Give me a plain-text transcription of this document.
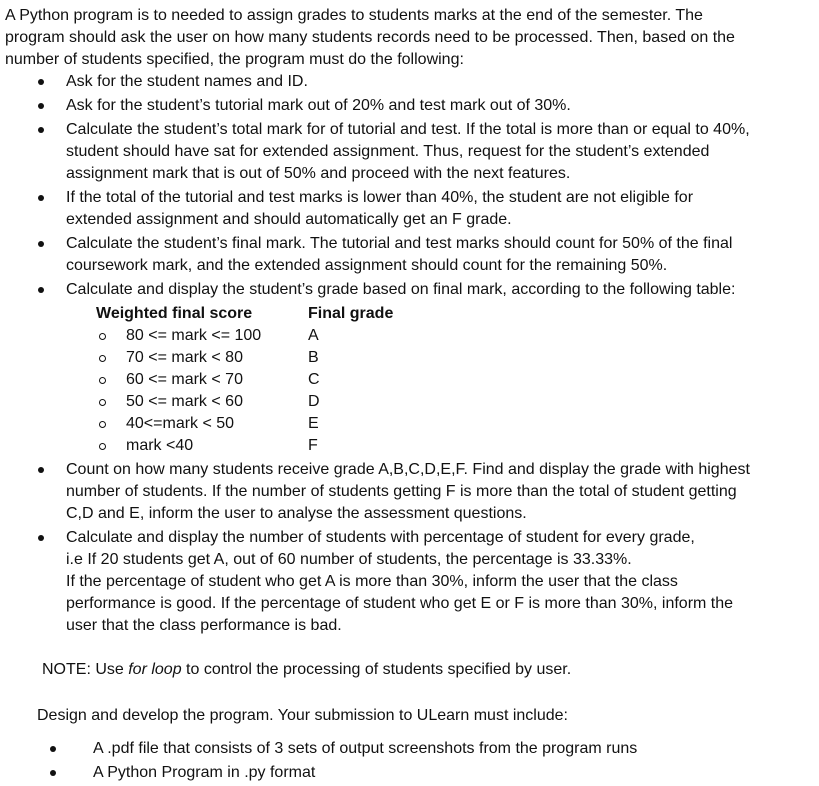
A Python program is to needed to assign grades to students marks at the end of the semester. The
program should ask the user on how many students records need to be processed. Then, based on the
number of students specified, the program must do the following:
Ask for the student names and ID.
Ask for the student’s tutorial mark out of 20% and test mark out of 30%.
Calculate the student’s total mark for of tutorial and test. If the total is more than or equal to 40%,
student should have sat for extended assignment. Thus, request for the student’s extended
assignment mark that is out of 50% and proceed with the next features.
If the total of the tutorial and test marks is lower than 40%, the student are not eligible for
extended assignment and should automatically get an F grade.
Calculate the student’s final mark. The tutorial and test marks should count for 50% of the final
coursework mark, and the extended assignment should count for the remaining 50%.
Calculate and display the student’s grade based on final mark, according to the following table:
Weighted final score	Final grade
80 <= mark <= 100	A
70 <= mark < 80	B
60 <= mark < 70	C
50 <= mark < 60	D
40<=mark < 50	E
mark <40	F
Count on how many students receive grade A,B,C,D,E,F. Find and display the grade with highest
number of students. If the number of students getting F is more than the total of student getting
C,D and E, inform the user to analyse the assessment questions.
Calculate and display the number of students with percentage of student for every grade,
i.e If 20 students get A, out of 60 number of students, the percentage is 33.33%.
If the percentage of student who get A is more than 30%, inform the user that the class
performance is good. If the percentage of student who get E or F is more than 30%, inform the
user that the class performance is bad.
NOTE: Use for loop to control the processing of students specified by user.
Design and develop the program. Your submission to ULearn must include:
A .pdf file that consists of 3 sets of output screenshots from the program runs
A Python Program in .py format
